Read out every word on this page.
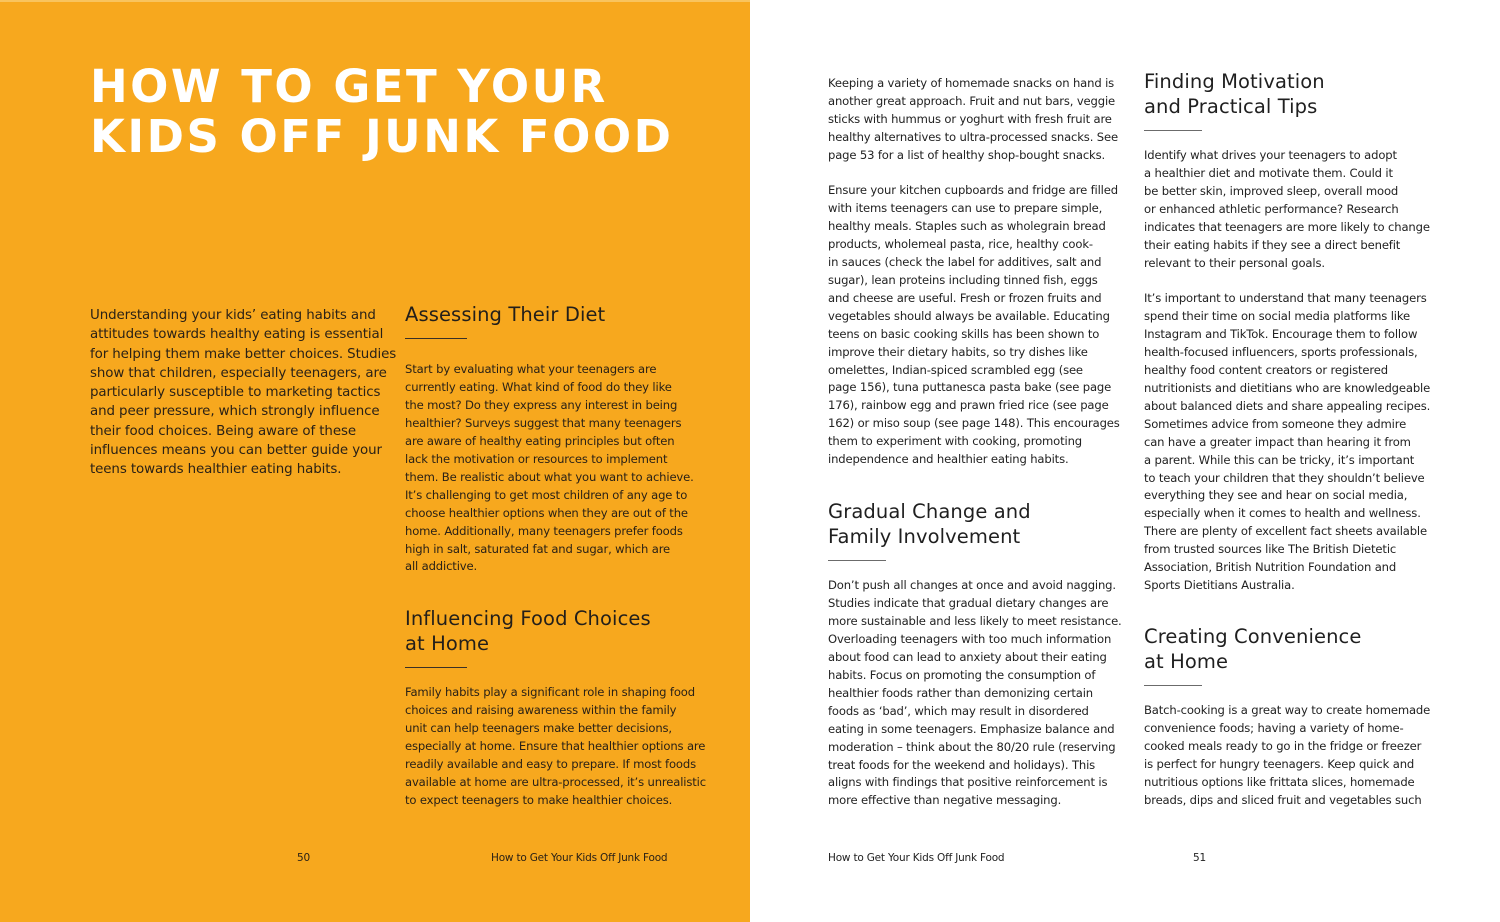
HOW TO GET YOUR
KIDS OFF JUNK FOOD

Understanding your kids’ eating habits and
attitudes towards healthy eating is essential
for helping them make better choices. Studies
show that children, especially teenagers, are
particularly susceptible to marketing tactics
and peer pressure, which strongly influence
their food choices. Being aware of these
influences means you can better guide your
teens towards healthier eating habits.

Assessing Their Diet

Start by evaluating what your teenagers are
currently eating. What kind of food do they like
the most? Do they express any interest in being
healthier? Surveys suggest that many teenagers
are aware of healthy eating principles but often
lack the motivation or resources to implement
them. Be realistic about what you want to achieve.
It’s challenging to get most children of any age to
choose healthier options when they are out of the
home. Additionally, many teenagers prefer foods
high in salt, saturated fat and sugar, which are
all addictive.

Influencing Food Choices
at Home

Family habits play a significant role in shaping food
choices and raising awareness within the family
unit can help teenagers make better decisions,
especially at home. Ensure that healthier options are
readily available and easy to prepare. If most foods
available at home are ultra-processed, it’s unrealistic
to expect teenagers to make healthier choices.

50	How to Get Your Kids Off Junk Food

Keeping a variety of homemade snacks on hand is
another great approach. Fruit and nut bars, veggie
sticks with hummus or yoghurt with fresh fruit are
healthy alternatives to ultra-processed snacks. See
page 53 for a list of healthy shop-bought snacks.

Ensure your kitchen cupboards and fridge are filled
with items teenagers can use to prepare simple,
healthy meals. Staples such as wholegrain bread
products, wholemeal pasta, rice, healthy cook-
in sauces (check the label for additives, salt and
sugar), lean proteins including tinned fish, eggs
and cheese are useful. Fresh or frozen fruits and
vegetables should always be available. Educating
teens on basic cooking skills has been shown to
improve their dietary habits, so try dishes like
omelettes, Indian-spiced scrambled egg (see
page 156), tuna puttanesca pasta bake (see page
176), rainbow egg and prawn fried rice (see page
162) or miso soup (see page 148). This encourages
them to experiment with cooking, promoting
independence and healthier eating habits.

Gradual Change and
Family Involvement

Don’t push all changes at once and avoid nagging.
Studies indicate that gradual dietary changes are
more sustainable and less likely to meet resistance.
Overloading teenagers with too much information
about food can lead to anxiety about their eating
habits. Focus on promoting the consumption of
healthier foods rather than demonizing certain
foods as ‘bad’, which may result in disordered
eating in some teenagers. Emphasize balance and
moderation – think about the 80/20 rule (reserving
treat foods for the weekend and holidays). This
aligns with findings that positive reinforcement is
more effective than negative messaging.

Finding Motivation
and Practical Tips

Identify what drives your teenagers to adopt
a healthier diet and motivate them. Could it
be better skin, improved sleep, overall mood
or enhanced athletic performance? Research
indicates that teenagers are more likely to change
their eating habits if they see a direct benefit
relevant to their personal goals.

It’s important to understand that many teenagers
spend their time on social media platforms like
Instagram and TikTok. Encourage them to follow
health-focused influencers, sports professionals,
healthy food content creators or registered
nutritionists and dietitians who are knowledgeable
about balanced diets and share appealing recipes.
Sometimes advice from someone they admire
can have a greater impact than hearing it from
a parent. While this can be tricky, it’s important
to teach your children that they shouldn’t believe
everything they see and hear on social media,
especially when it comes to health and wellness.
There are plenty of excellent fact sheets available
from trusted sources like The British Dietetic
Association, British Nutrition Foundation and
Sports Dietitians Australia.

Creating Convenience
at Home

Batch-cooking is a great way to create homemade
convenience foods; having a variety of home-
cooked meals ready to go in the fridge or freezer
is perfect for hungry teenagers. Keep quick and
nutritious options like frittata slices, homemade
breads, dips and sliced fruit and vegetables such

How to Get Your Kids Off Junk Food	51
